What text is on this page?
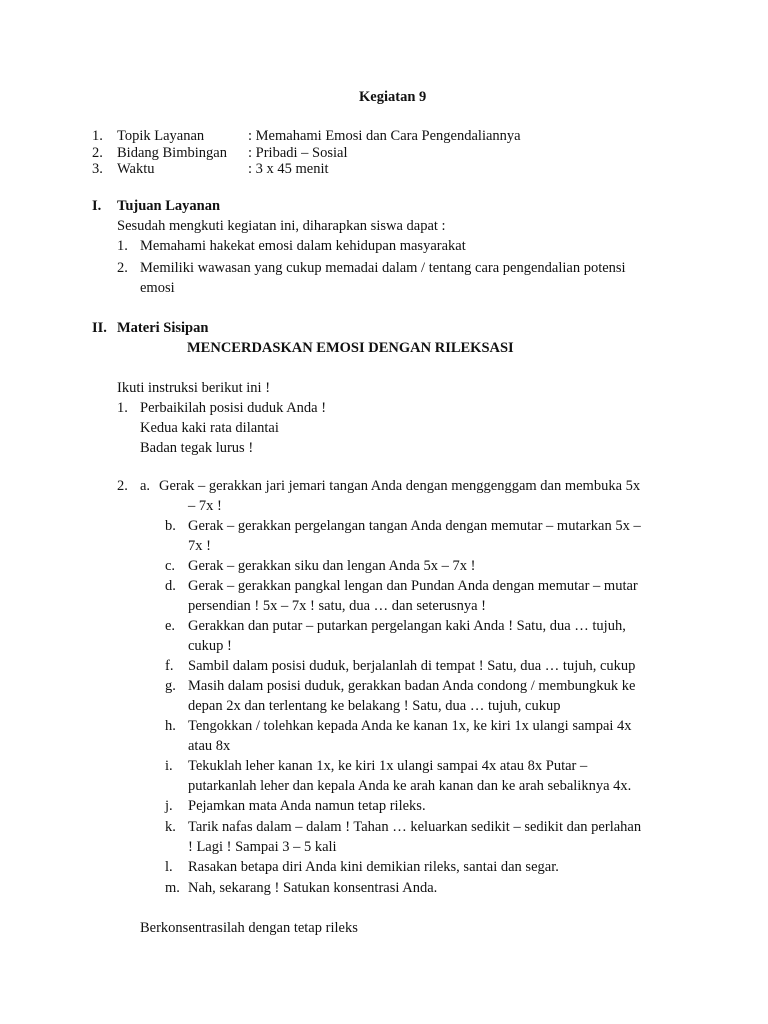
Kegiatan 9
1. Topik Layanan	: Memahami Emosi dan Cara Pengendaliannya
2. Bidang Bimbingan : Pribadi – Sosial
3. Waktu	: 3 x 45 menit
I. Tujuan Layanan
Sesudah mengkuti kegiatan ini, diharapkan siswa dapat :
1. Memahami hakekat emosi dalam kehidupan masyarakat
2. Memiliki wawasan yang cukup memadai dalam / tentang cara pengendalian potensi
emosi
II. Materi Sisipan
MENCERDASKAN EMOSI DENGAN RILEKSASI
Ikuti instruksi berikut ini !
1. Perbaikilah posisi duduk Anda !
Kedua kaki rata dilantai
Badan tegak lurus !
2. a. Gerak – gerakkan jari jemari tangan Anda dengan menggenggam dan membuka 5x
– 7x !
b. Gerak – gerakkan pergelangan tangan Anda dengan memutar – mutarkan 5x –
7x !
c. Gerak – gerakkan siku dan lengan Anda 5x – 7x !
d. Gerak – gerakkan pangkal lengan dan Pundan Anda dengan memutar – mutar
persendian ! 5x – 7x ! satu, dua … dan seterusnya !
e. Gerakkan dan putar – putarkan pergelangan kaki Anda ! Satu, dua … tujuh,
cukup !
f. Sambil dalam posisi duduk, berjalanlah di tempat ! Satu, dua … tujuh, cukup
g. Masih dalam posisi duduk, gerakkan badan Anda condong / membungkuk ke
depan 2x dan terlentang ke belakang ! Satu, dua … tujuh, cukup
h. Tengokkan / tolehkan kepada Anda ke kanan 1x, ke kiri 1x ulangi sampai 4x
atau 8x
i. Tekuklah leher kanan 1x, ke kiri 1x ulangi sampai 4x atau 8x Putar –
putarkanlah leher dan kepala Anda ke arah kanan dan ke arah sebaliknya 4x.
j. Pejamkan mata Anda namun tetap rileks.
k. Tarik nafas dalam – dalam ! Tahan … keluarkan sedikit – sedikit dan perlahan
! Lagi ! Sampai 3 – 5 kali
l. Rasakan betapa diri Anda kini demikian rileks, santai dan segar.
m. Nah, sekarang ! Satukan konsentrasi Anda.
Berkonsentrasilah dengan tetap rileks
